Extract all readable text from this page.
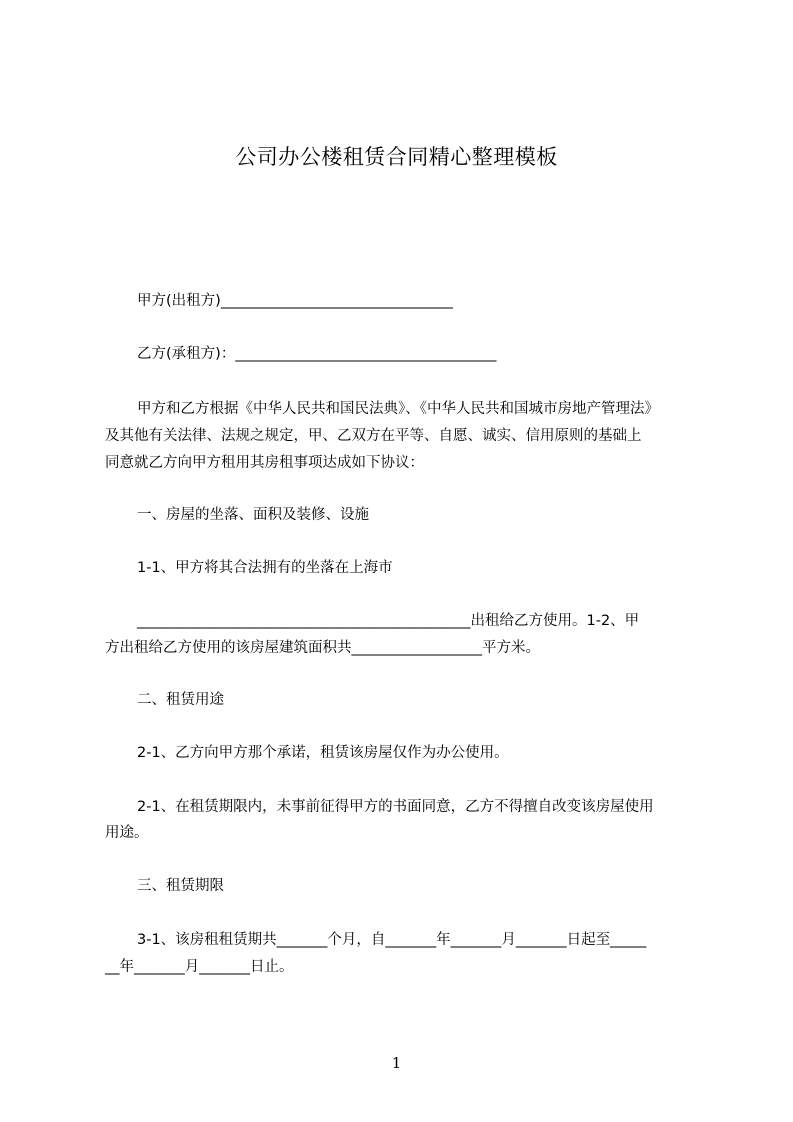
公司办公楼租赁合同精心整理模板

甲方(出租方)________________________________

乙方(承租方)：____________________________________

甲方和乙方根据《中华人民共和国民法典》、《中华人民共和国城市房地产管理法》

及其他有关法律、法规之规定，甲、乙双方在平等、自愿、诚实、信用原则的基础上

同意就乙方向甲方租用其房租事项达成如下协议：

一、房屋的坐落、面积及装修、设施

1-1、甲方将其合法拥有的坐落在上海市

______________________________________________出租给乙方使用。1-2、甲

方出租给乙方使用的该房屋建筑面积共__________________平方米。

二、租赁用途

2-1、乙方向甲方那个承诺，租赁该房屋仅作为办公使用。

2-1、在租赁期限内，未事前征得甲方的书面同意，乙方不得擅自改变该房屋使用

用途。

三、租赁期限

3-1、该房租租赁期共_______个月，自_______年_______月_______日起至_____

__年_______月_______日止。

1
